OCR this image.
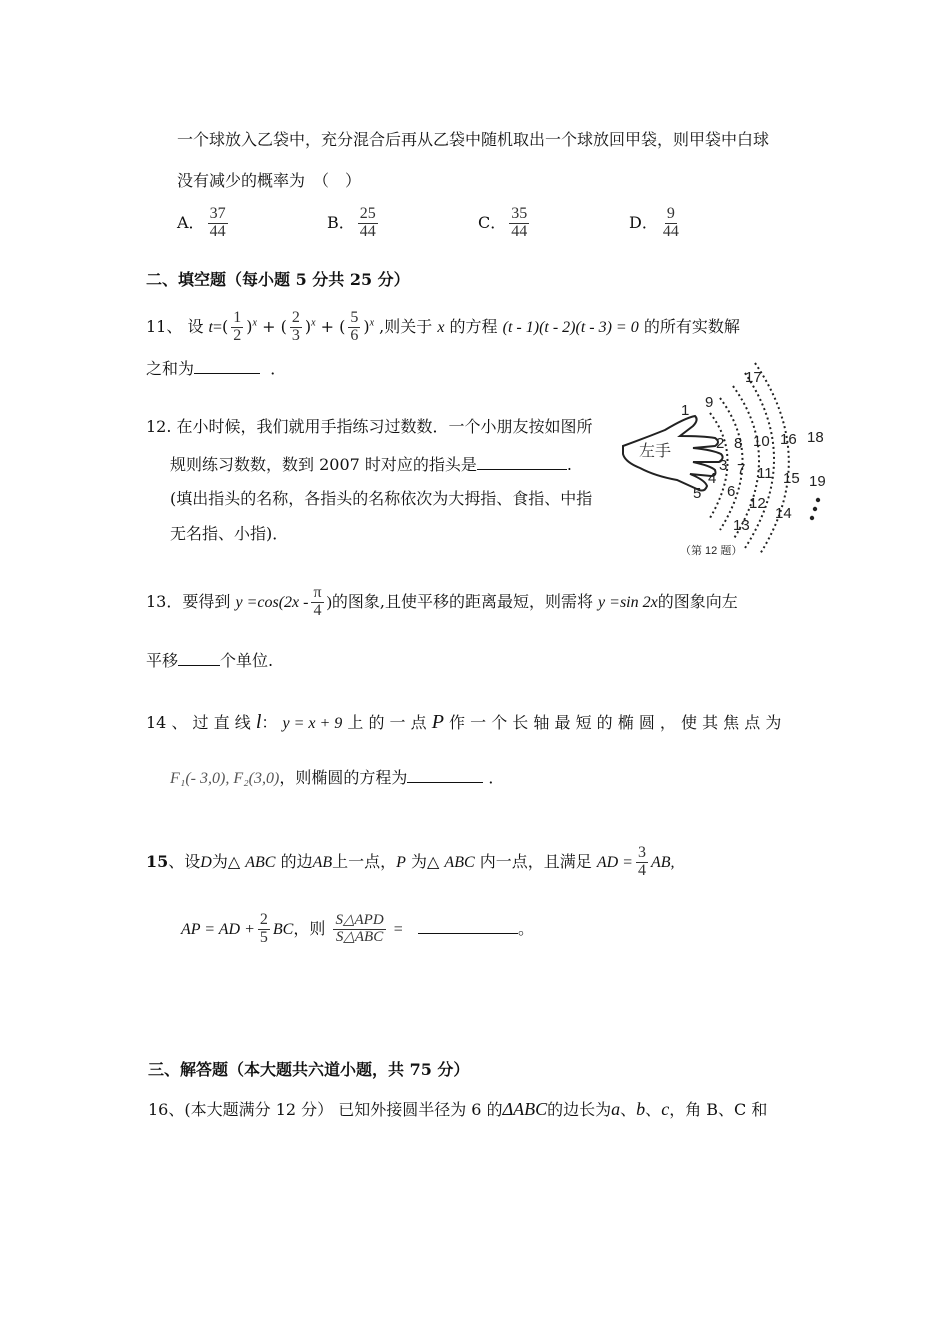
一个球放入乙袋中，充分混合后再从乙袋中随机取出一个球放回甲袋，则甲袋中白球
没有减少的概率为　（　）
A． $\frac{37}{44}$	B． $\frac{25}{44}$	C． $\frac{35}{44}$	D． $\frac{9}{44}$
二、填空题（每小题 5 分共 25 分）
11、 设 $t=( \frac{1}{2} )^x$ + ( $\frac{2}{3} )^x$ + ( $\frac{5}{6} )^x$ ,则关于 x 的方程 (t - 1)(t - 2)(t - 3) = 0 的所有实数解
之和为	．
12. 在小时候，我们就用手指练习过数数．一个小朋友按如图所
规则练习数数，数到 2007 时对应的指头是	.
(填出指头的名称，各指头的名称依次为大拇指、食指、中指
无名指、小指)．
左手
1
2
3
4
5 6
7
8
9
10
11
12
13
14
15
16
17
18
19
（第 12 题）
13．要得到 $y =\cos(2x - \frac{\pi}{4}$ )的图象,且使平移的距离最短，则需将 y =sin 2x的图象向左
平移	个单位.
14 、 过 直 线 l： y = x + 9 上 的 一 点 P 作 一 个 长 轴 最 短 的 椭 圆 ， 使 其 焦 点 为
F₁(- 3,0), F₂(3,0)，则椭圆的方程为	．
15、设D为△ ABC 的边AB上一点，P 为△ ABC 内一点，且满足 AD = $\frac{3}{4}$ AB,
AP = AD + $\frac{2}{5}$ BC，则 $\frac{\text{S△APD}}{\text{S△ABC}}$ =	。
三、解答题（本大题共六道小题，共 75 分）
16、(本大题满分 12 分） 已知外接圆半径为 6 的ΔABC的边长为a、b、c，角 B、C 和
